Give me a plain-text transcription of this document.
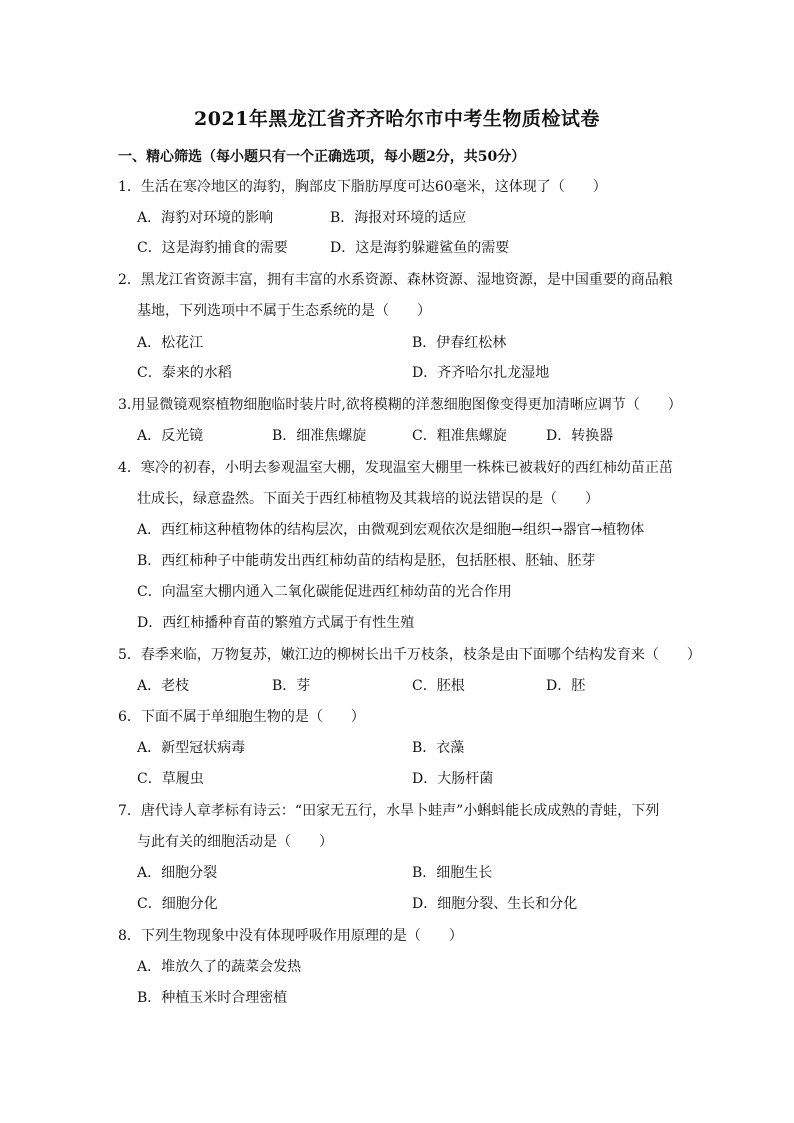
2021年黑龙江省齐齐哈尔市中考生物质检试卷
一、精心筛选（每小题只有一个正确选项，每小题2分，共50分）
1．生活在寒冷地区的海豹，胸部皮下脂肪厚度可达60毫米，这体现了（　　）
A．海豹对环境的影响	B．海报对环境的适应
C．这是海豹捕食的需要	D．这是海豹躲避鲨鱼的需要
2．黑龙江省资源丰富，拥有丰富的水系资源、森林资源、湿地资源，是中国重要的商品粮
基地，下列选项中不属于生态系统的是（　　）
A．松花江	B．伊春红松林
C．泰来的水稻	D．齐齐哈尔扎龙湿地
3.用显微镜观察植物细胞临时装片时,欲将模糊的洋葱细胞图像变得更加清晰应调节（　　）
A．反光镜	B．细准焦螺旋	C．粗准焦螺旋	D．转换器
4．寒冷的初春，小明去参观温室大棚，发现温室大棚里一株株已被栽好的西红柿幼苗正茁
壮成长，绿意盎然。下面关于西红柿植物及其栽培的说法错误的是（　　）
A．西红柿这种植物体的结构层次，由微观到宏观依次是细胞→组织→器官→植物体
B．西红柿种子中能萌发出西红柿幼苗的结构是胚，包括胚根、胚轴、胚芽
C．向温室大棚内通入二氧化碳能促进西红柿幼苗的光合作用
D．西红柿播种育苗的繁殖方式属于有性生殖
5．春季来临，万物复苏，嫩江边的柳树长出千万枝条，枝条是由下面哪个结构发育来（　　）
A．老枝	B．芽	C．胚根	D．胚
6．下面不属于单细胞生物的是（　　）
A．新型冠状病毒	B．衣藻
C．草履虫	D．大肠杆菌
7．唐代诗人章孝标有诗云：“田家无五行，水旱卜蛙声”小蝌蚪能长成成熟的青蛙，下列
与此有关的细胞活动是（　　）
A．细胞分裂	B．细胞生长
C．细胞分化	D．细胞分裂、生长和分化
8．下列生物现象中没有体现呼吸作用原理的是（　　）
A．堆放久了的蔬菜会发热
B．种植玉米时合理密植
